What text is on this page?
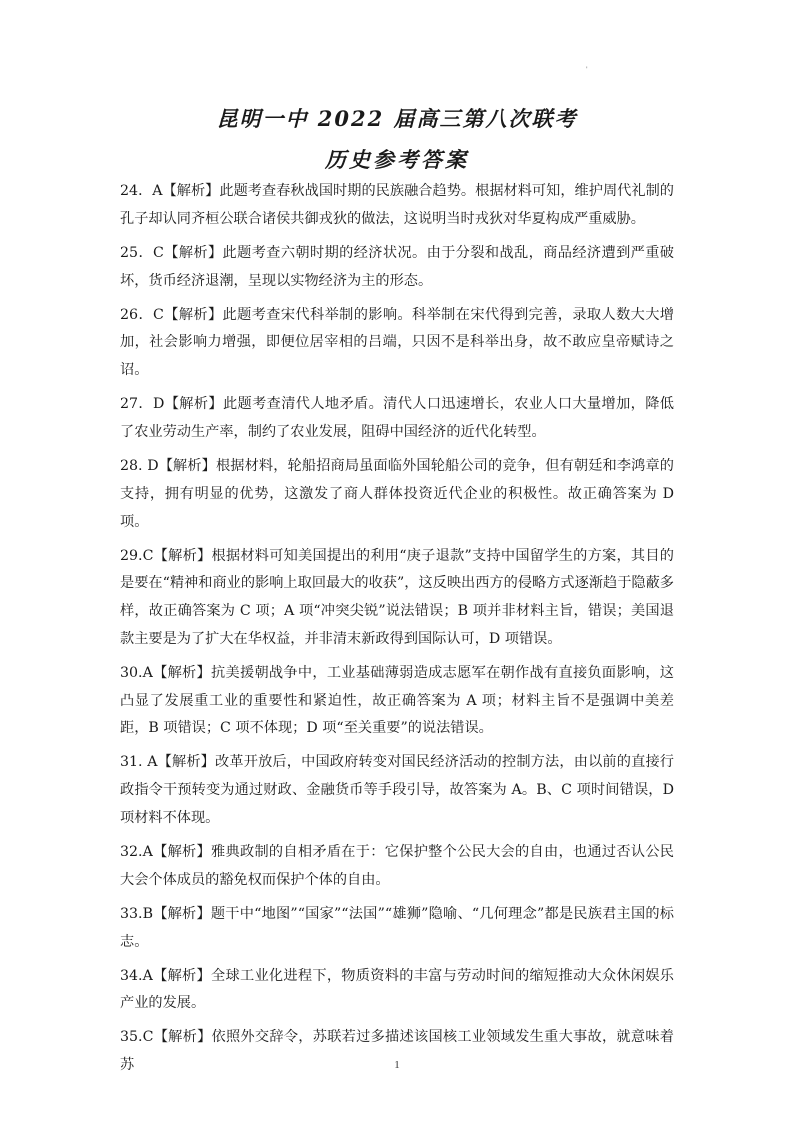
'
昆明一中 2022 届高三第八次联考
历史参考答案

24．A【解析】此题考查春秋战国时期的民族融合趋势。根据材料可知，维护周代礼制的孔子却认同齐桓公联合诸侯共御戎狄的做法，这说明当时戎狄对华夏构成严重威胁。

25．C【解析】此题考查六朝时期的经济状况。由于分裂和战乱，商品经济遭到严重破坏，货币经济退潮，呈现以实物经济为主的形态。

26．C【解析】此题考查宋代科举制的影响。科举制在宋代得到完善，录取人数大大增加，社会影响力增强，即便位居宰相的吕端，只因不是科举出身，故不敢应皇帝赋诗之诏。

27．D【解析】此题考查清代人地矛盾。清代人口迅速增长，农业人口大量增加，降低了农业劳动生产率，制约了农业发展，阻碍中国经济的近代化转型。

28. D【解析】根据材料，轮船招商局虽面临外国轮船公司的竞争，但有朝廷和李鸿章的支持，拥有明显的优势，这激发了商人群体投资近代企业的积极性。故正确答案为 D 项。

29.C【解析】根据材料可知美国提出的利用“庚子退款”支持中国留学生的方案，其目的是要在“精神和商业的影响上取回最大的收获”，这反映出西方的侵略方式逐渐趋于隐蔽多样，故正确答案为 C 项；A 项“冲突尖锐”说法错误；B 项并非材料主旨，错误；美国退款主要是为了扩大在华权益，并非清末新政得到国际认可，D 项错误。

30.A【解析】抗美援朝战争中，工业基础薄弱造成志愿军在朝作战有直接负面影响，这凸显了发展重工业的重要性和紧迫性，故正确答案为 A 项；材料主旨不是强调中美差距，B 项错误；C 项不体现；D 项“至关重要”的说法错误。

31. A【解析】改革开放后，中国政府转变对国民经济活动的控制方法，由以前的直接行政指令干预转变为通过财政、金融货币等手段引导，故答案为 A。B、C 项时间错误，D 项材料不体现。

32.A【解析】雅典政制的自相矛盾在于：它保护整个公民大会的自由，也通过否认公民大会个体成员的豁免权而保护个体的自由。

33.B【解析】题干中“地图”“国家”“法国”“雄狮”隐喻、“几何理念”都是民族君主国的标志。

34.A【解析】全球工业化进程下，物质资料的丰富与劳动时间的缩短推动大众休闲娱乐产业的发展。

35.C【解析】依照外交辞令，苏联若过多描述该国核工业领域发生重大事故，就意味着苏	1
